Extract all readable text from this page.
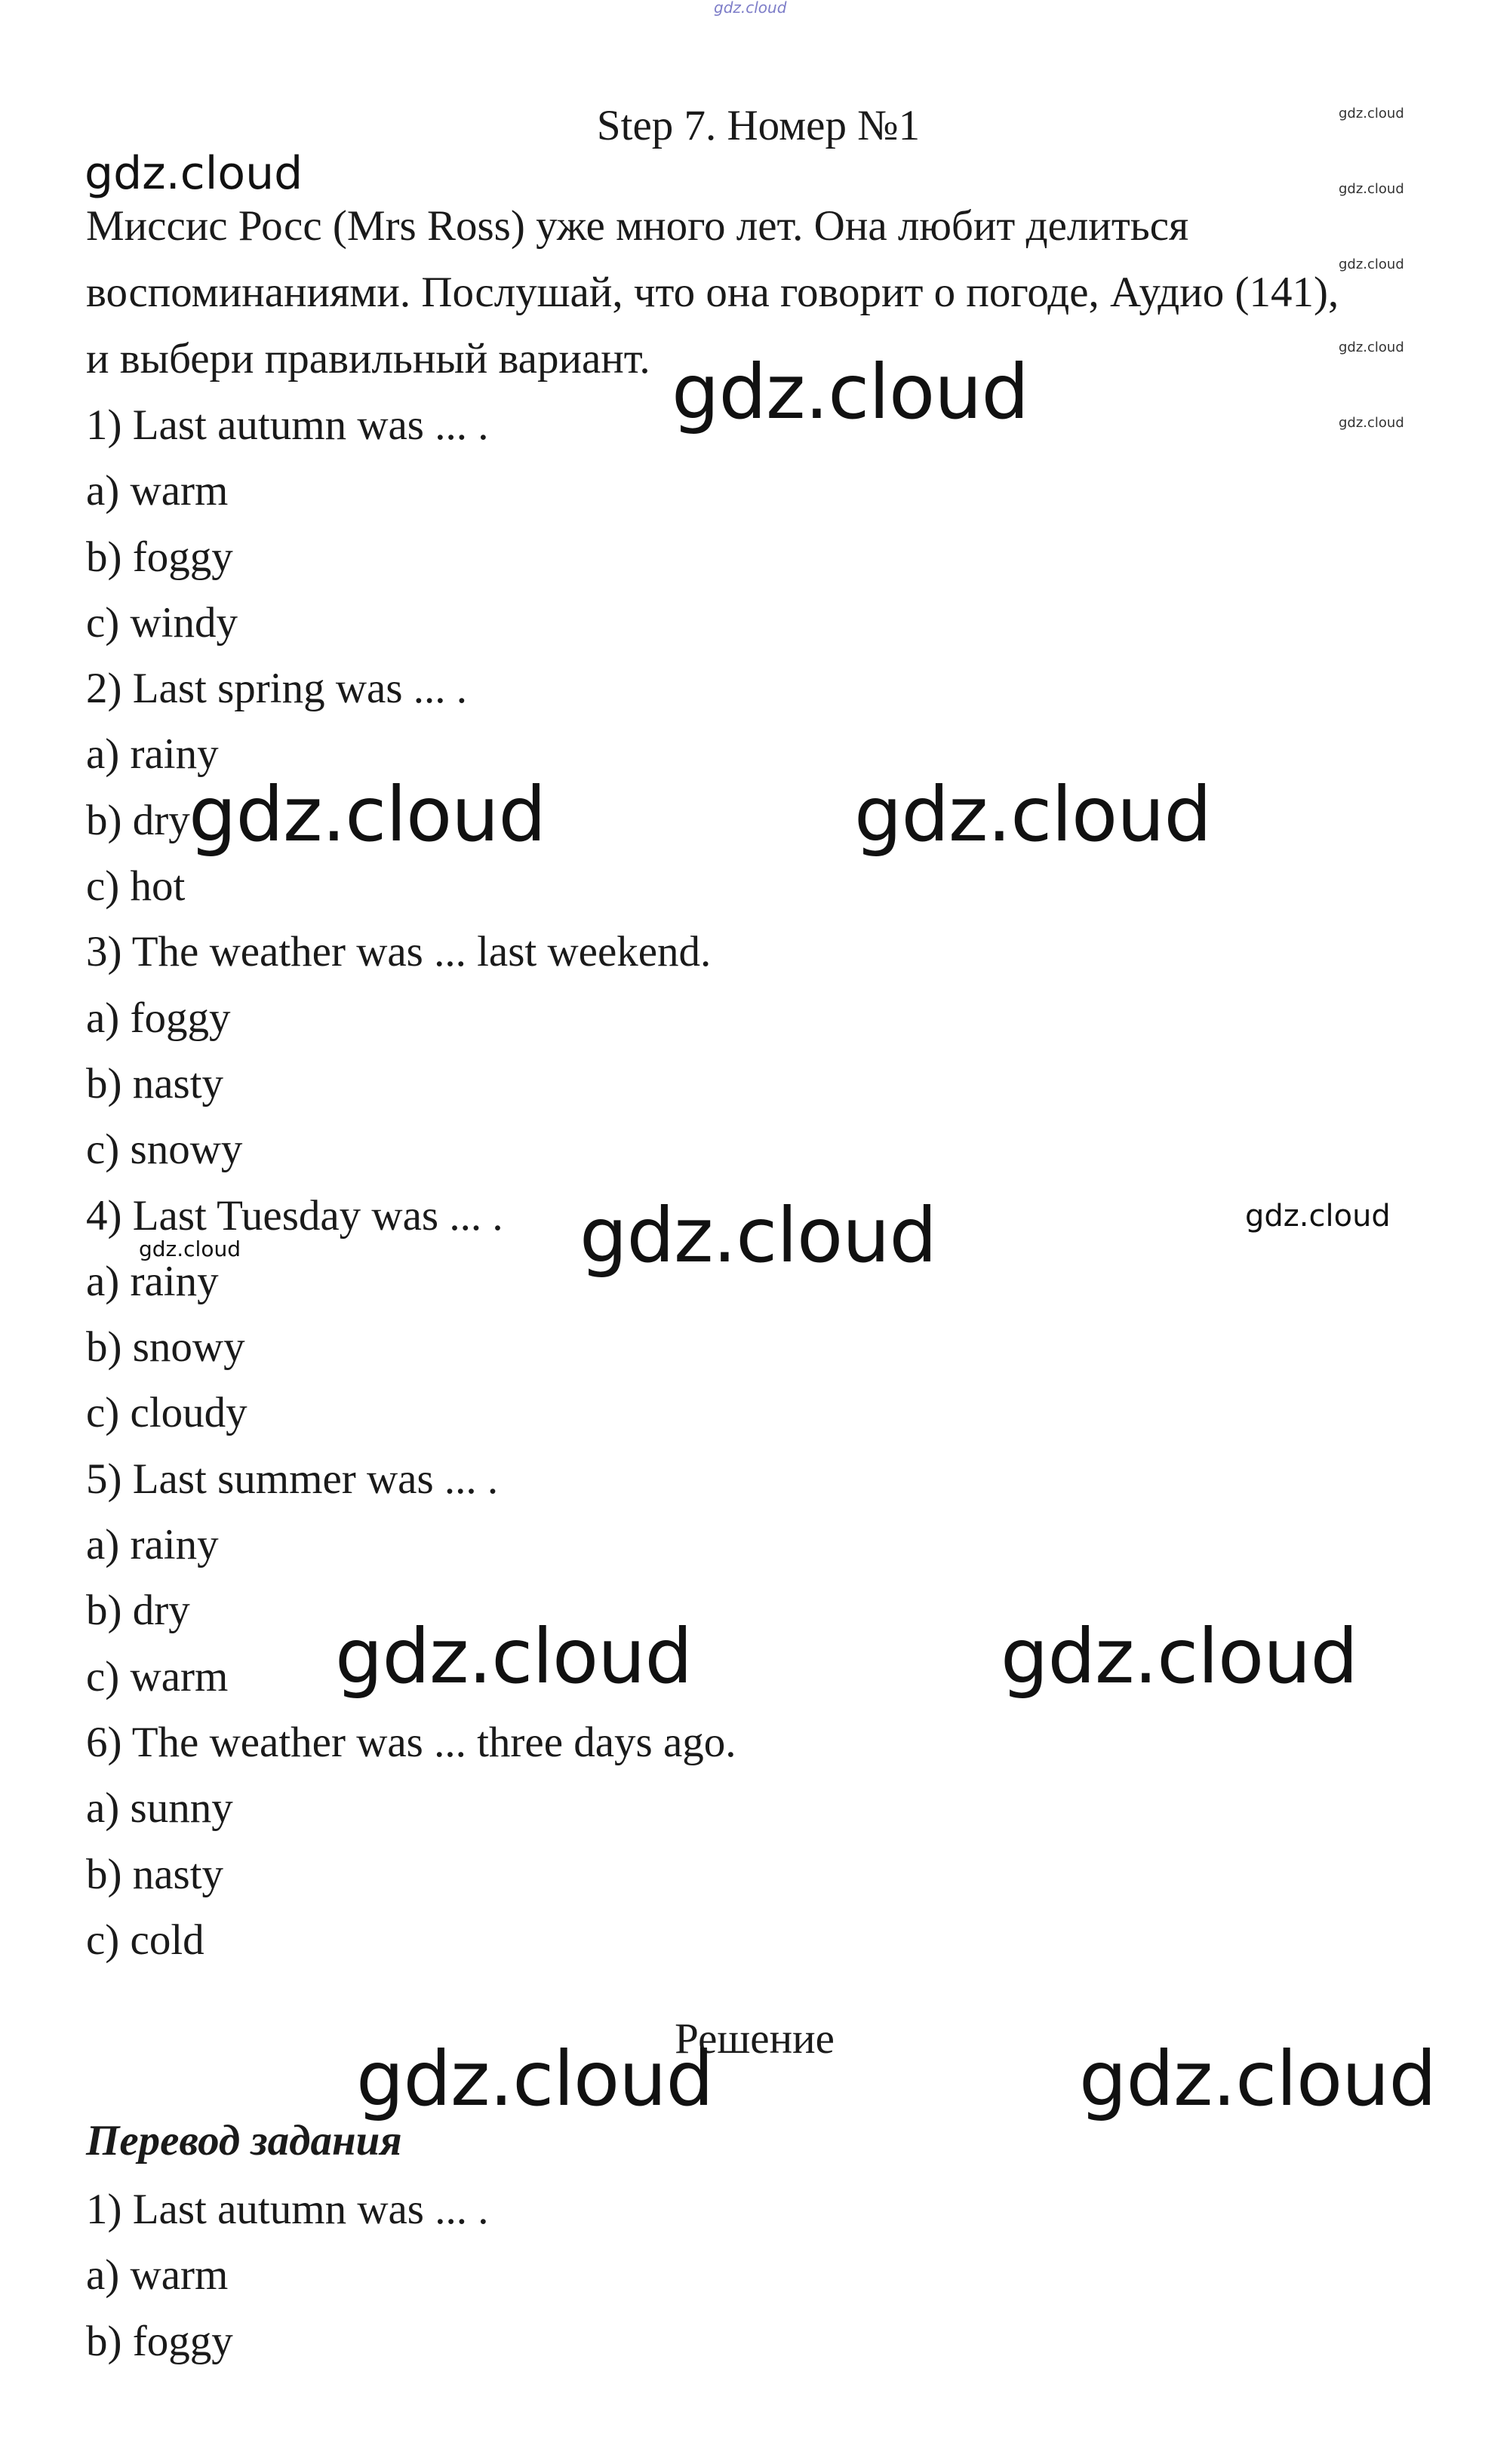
gdz.cloud
Step 7. Номер №1
Миссис Росс (Mrs Ross) уже много лет. Она любит делиться
воспоминаниями. Послушай, что она говорит о погоде, Аудио (141),
и выбери правильный вариант.
1) Last autumn was ... .
a) warm
b) foggy
c) windy
2) Last spring was ... .
a) rainy
b) dry
c) hot
3) The weather was ... last weekend.
a) foggy
b) nasty
c) snowy
4) Last Tuesday was ... .
a) rainy
b) snowy
c) cloudy
5) Last summer was ... .
a) rainy
b) dry
c) warm
6) The weather was ... three days ago.
a) sunny
b) nasty
c) cold
Решение
Перевод задания
1) Last autumn was ... .
a) warm
b) foggy
gdz.cloud
gdz.cloud
gdz.cloud	gdz.cloud
gdz.cloud	gdz.cloud
gdz.cloud
gdz.cloud	gdz.cloud
gdz.cloud	gdz.cloud
gdz.cloud
gdz.cloud
gdz.cloud
gdz.cloud
gdz.cloud
